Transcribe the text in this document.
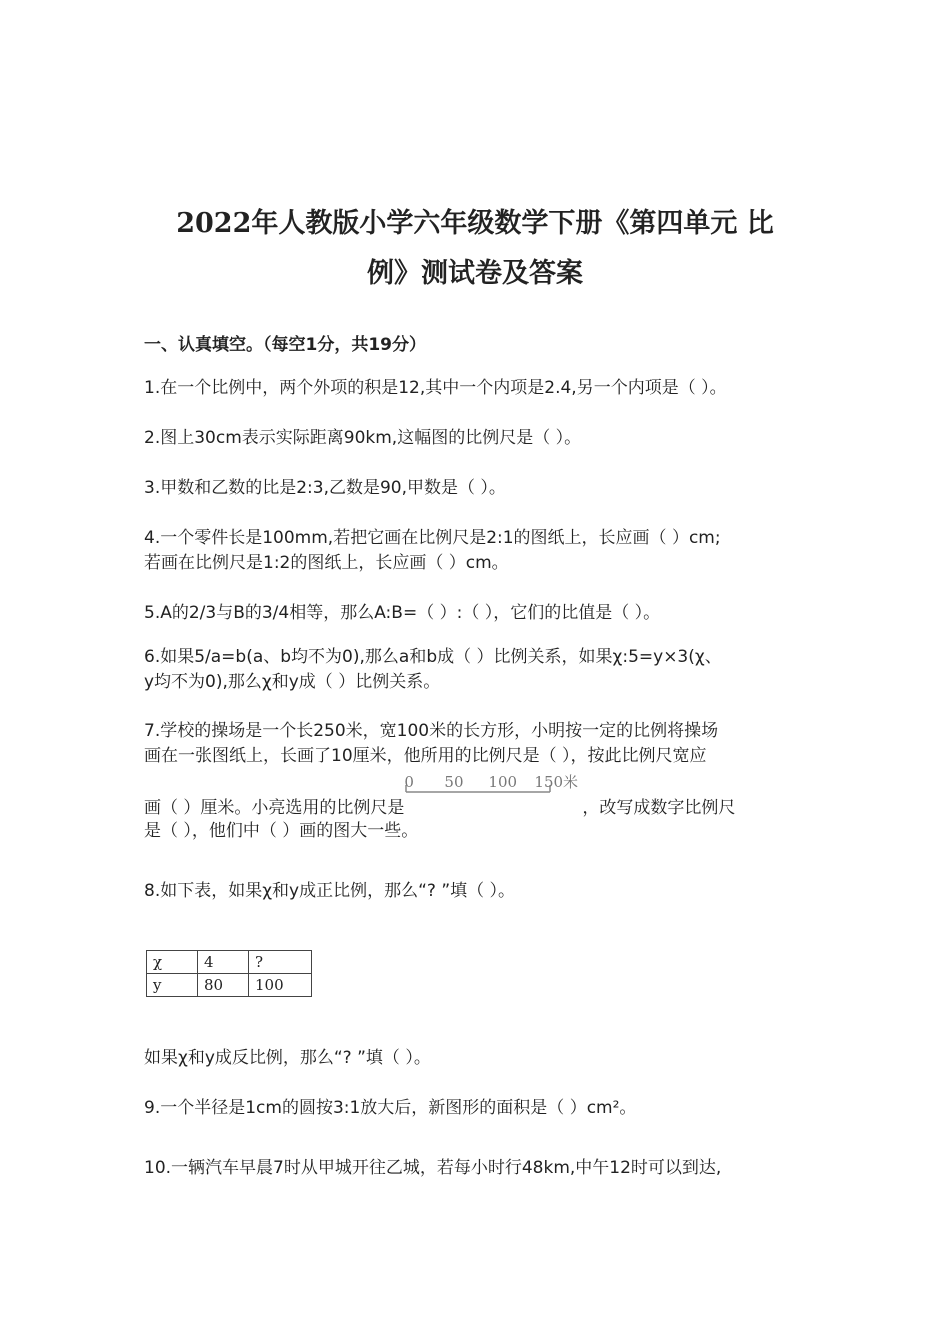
2022年人教版小学六年级数学下册《第四单元 比
例》测试卷及答案
一、认真填空。（每空1分，共19分）
1.在一个比例中，两个外项的积是12,其中一个内项是2.4,另一个内项是（ ）。
2.图上30cm表示实际距离90km,这幅图的比例尺是（ ）。
3.甲数和乙数的比是2:3,乙数是90,甲数是（ ）。
4.一个零件长是100mm,若把它画在比例尺是2:1的图纸上，长应画（ ）cm;
若画在比例尺是1:2的图纸上，长应画（ ）cm。
5.A的2/3与B的3/4相等，那么A:B=（ ）:（ ），它们的比值是（ ）。
6.如果5/a=b(a、b均不为0),那么a和b成（ ）比例关系，如果χ:5=y×3(χ、
y均不为0),那么χ和y成（ ）比例关系。
7.学校的操场是一个长250米，宽100米的长方形，小明按一定的比例将操场
画在一张图纸上，长画了10厘米，他所用的比例尺是（ ），按此比例尺宽应
画（ ）厘米。小亮选用的比例尺是
0 50 100 150米
，改写成数字比例尺
是（ ），他们中（ ）画的图大一些。
8.如下表，如果χ和y成正比例，那么“? ”填（ ）。
χ	4	?
y	80	100
如果χ和y成反比例，那么“? ”填（ ）。
9.一个半径是1cm的圆按3:1放大后，新图形的面积是（ ）cm²。
10.一辆汽车早晨7时从甲城开往乙城，若每小时行48km,中午12时可以到达,
